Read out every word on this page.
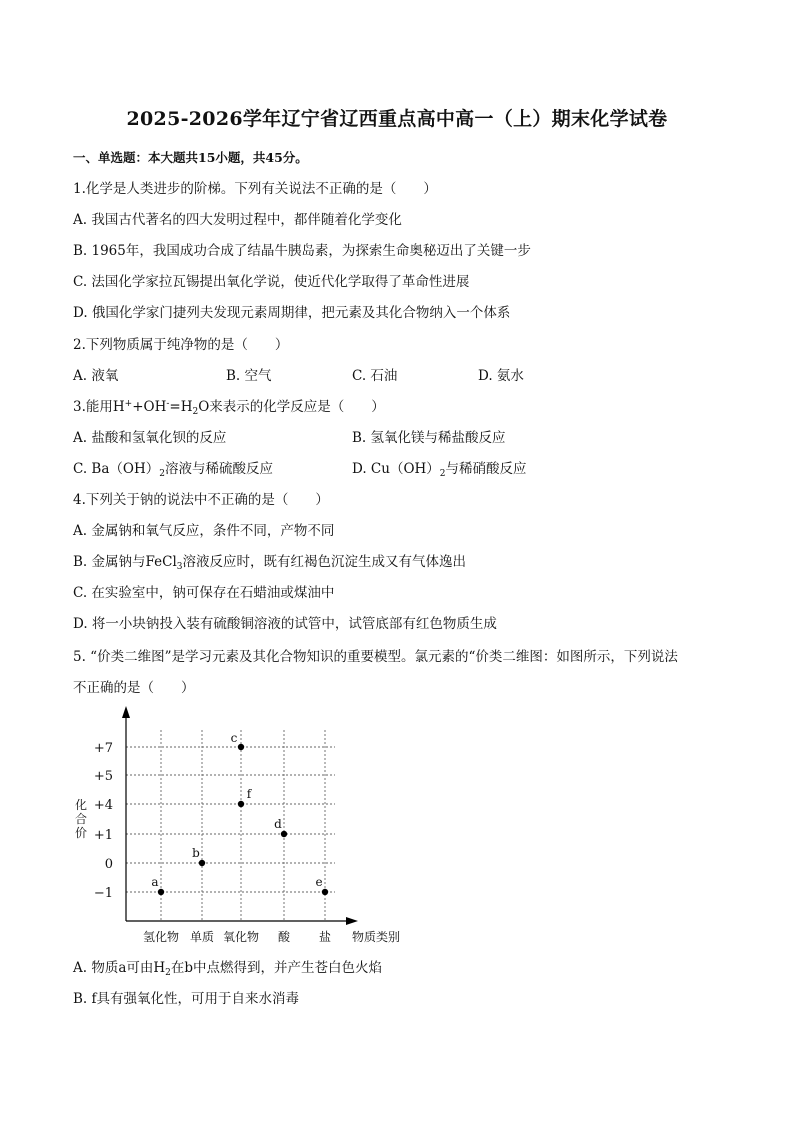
2025-2026学年辽宁省辽西重点高中高一（上）期末化学试卷
一、单选题：本大题共15小题，共45分。
1.化学是人类进步的阶梯。下列有关说法不正确的是（　　）
A. 我国古代著名的四大发明过程中，都伴随着化学变化
B. 1965年，我国成功合成了结晶牛胰岛素，为探索生命奥秘迈出了关键一步
C. 法国化学家拉瓦锡提出氧化学说，使近代化学取得了革命性进展
D. 俄国化学家门捷列夫发现元素周期律，把元素及其化合物纳入一个体系
2.下列物质属于纯净物的是（　　）
A. 液氧	B. 空气	C. 石油	D. 氨水
3.能用$H^++OH^-=H_2O$来表示的化学反应是（　　）
A. 盐酸和氢氧化钡的反应	B. 氢氧化镁与稀盐酸反应
C. $Ba(OH)_2$溶液与稀硫酸反应	D. $Cu(OH)_2$与稀硝酸反应
4.下列关于钠的说法中不正确的是（　　）
A. 金属钠和氧气反应，条件不同，产物不同
B. 金属钠与FeCl$_3$溶液反应时，既有红褐色沉淀生成又有气体逸出
C. 在实验室中，钠可保存在石蜡油或煤油中
D. 将一小块钠投入装有硫酸铜溶液的试管中，试管底部有红色物质生成
5. “价类二维图”是学习元素及其化合物知识的重要模型。氯元素的“价类二维图：如图所示，下列说法
不正确的是（　　）
+7
+5
+4
+1
0
−1
化
合
价
氢化物 单质 氧化物 酸 盐 物质类别
a
b
c
f
d
e
A. 物质a可由$H_2$在b中点燃得到，并产生苍白色火焰
B. f具有强氧化性，可用于自来水消毒
